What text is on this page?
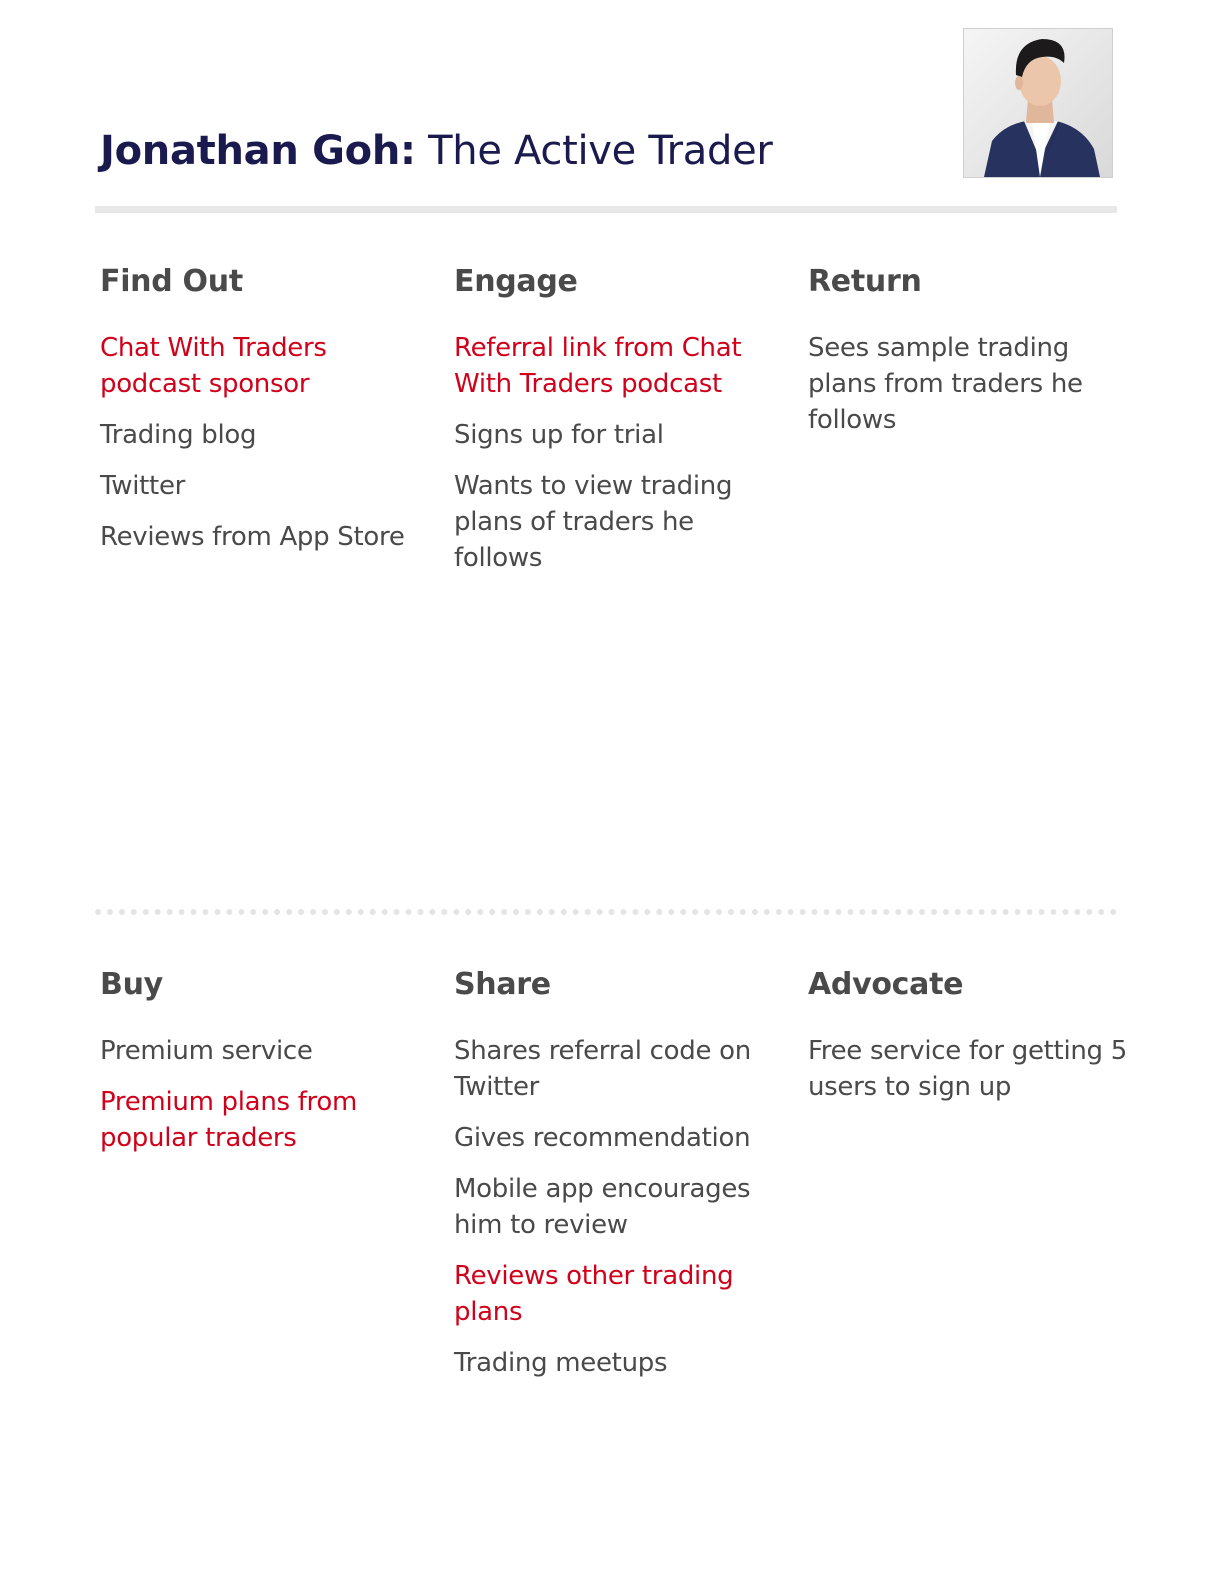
Jonathan Goh: The Active Trader
Find Out
Chat With Traders podcast sponsor
Trading blog
Twitter
Reviews from App Store
Engage
Referral link from Chat With Traders podcast
Signs up for trial
Wants to view trading plans of traders he follows
Return
Sees sample trading plans from traders he follows
Buy
Premium service
Premium plans from popular traders
Share
Shares referral code on Twitter
Gives recommendation
Mobile app encourages him to review
Reviews other trading plans
Trading meetups
Advocate
Free service for getting 5 users to sign up
